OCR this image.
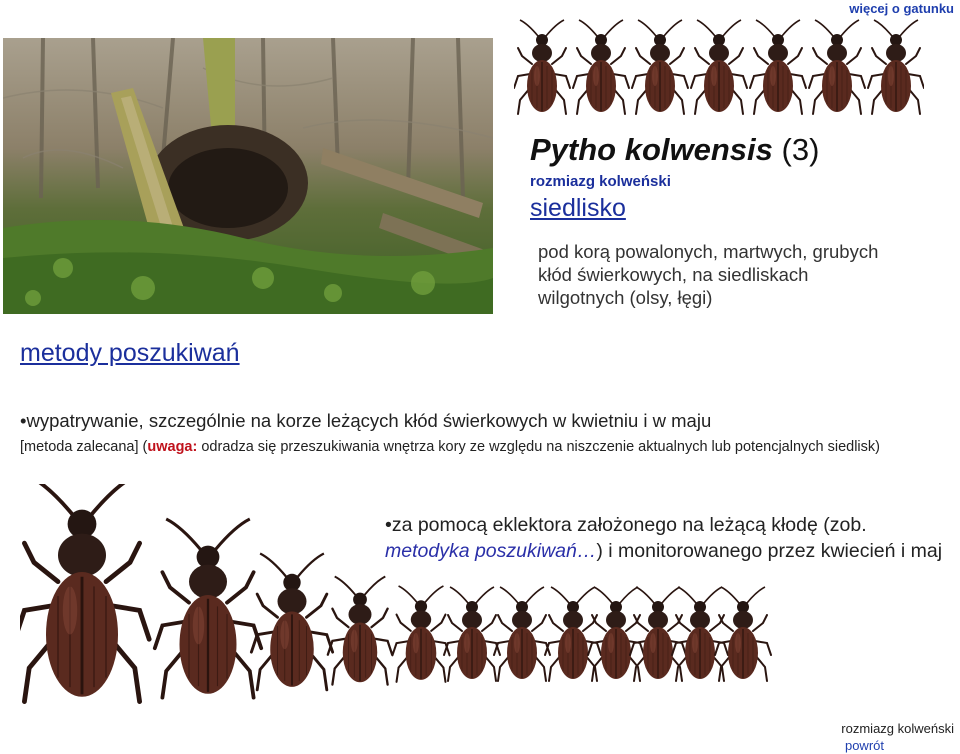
więcej o gatunku
Pytho kolwensis (3)
rozmiazg kolweński
siedlisko
pod korą powalonych, martwych, grubych kłód świerkowych, na siedliskach wilgotnych (olsy, łęgi)
metody poszukiwań
•wypatrywanie, szczególnie na korze leżących kłód świerkowych w kwietniu i w maju
[metoda zalecana] (uwaga: odradza się przeszukiwania wnętrza kory ze względu na niszczenie aktualnych lub potencjalnych siedlisk)
•za pomocą eklektora założonego na leżącą kłodę (zob. metodyka poszukiwań…) i monitorowanego przez kwiecień i maj
rozmiazg kolweński
powrót
